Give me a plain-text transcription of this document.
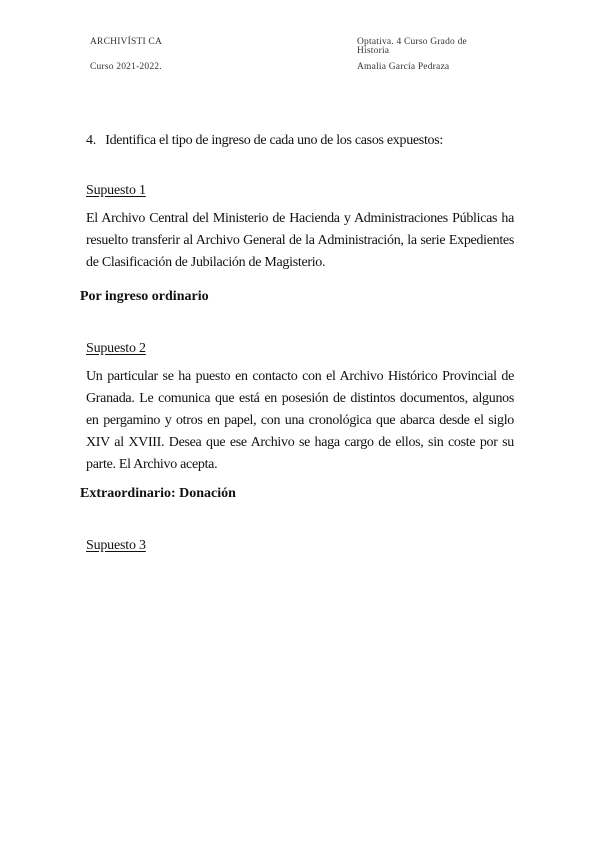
ARCHIVÍSTI CA
Curso 2021-2022.
Optativa. 4 Curso Grado de Historia
Amalia García Pedraza
4. Identifica el tipo de ingreso de cada uno de los casos expuestos:
Supuesto 1
El Archivo Central del Ministerio de Hacienda y Administraciones Públicas ha resuelto transferir al Archivo General de la Administración, la serie Expedientes de Clasificación de Jubilación de Magisterio.
Por ingreso ordinario
Supuesto 2
Un particular se ha puesto en contacto con el Archivo Histórico Provincial de Granada. Le comunica que está en posesión de distintos documentos, algunos en pergamino y otros en papel, con una cronológica que abarca desde el siglo XIV al XVIII. Desea que ese Archivo se haga cargo de ellos, sin coste por su parte. El Archivo acepta.
Extraordinario: Donación
Supuesto 3
